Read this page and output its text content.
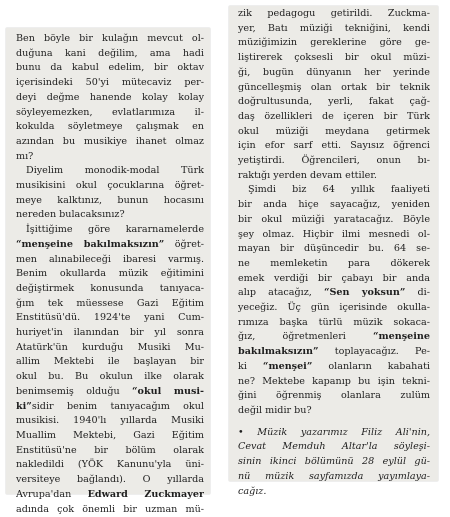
Ben böyle bir kulağın mevcut ol-
duğuna kani değilim, ama hadi
bunu da kabul edelim, bir oktav
içerisindeki 50'yi mütecaviz per-
deyi değme hanende kolay kolay
söyleyemezken, evlatlarımıza il-
kokulda söyletmeye çalışmak en
azından bu musikiye ihanet olmaz
mı?
Diyelim monodik-modal Türk
musikisini okul çocuklarına öğret-
meye kalktınız, bunun hocasını
nereden bulacaksınız?
İşittiğime göre kararnamelerde
“menşeine bakılmaksızın” öğret-
men alınabileceği ibaresi varmış.
Benim okullarda müzik eğitimini
değiştirmek konusunda tanıyaca-
ğım tek müessese Gazi Eğitim
Enstitüsü'dü. 1924'te yani Cum-
huriyet'in ilanından bir yıl sonra
Atatürk'ün kurduğu Musiki Mu-
allim Mektebi ile başlayan bir
okul bu. Bu okulun ilke olarak
benimsemiş olduğu “okul musi-
ki”sidir benim tanıyacağım okul
musikisi. 1940'lı yıllarda Musiki
Muallim Mektebi, Gazi Eğitim
Enstitüsü'ne bir bölüm olarak
nakledildi (YÖK Kanunu'yla üni-
versiteye bağlandı). O yıllarda
Avrupa'dan Edward Zuckmayer
adında çok önemli bir uzman mü-
zik pedagogu getirildi. Zuckma-
yer, Batı müziği tekniğini, kendi
müziğimizin gereklerine göre ge-
liştirerek çoksesli bir okul müzi-
ği, bugün dünyanın her yerinde
güncelleşmiş olan ortak bir teknik
doğrultusunda, yerli, fakat çağ-
daş özellikleri de içeren bir Türk
okul müziği meydana getirmek
için efor sarf etti. Sayısız öğrenci
yetiştirdi. Öğrencileri, onun bı-
raktığı yerden devam ettiler.
Şimdi biz 64 yıllık faaliyeti
bir anda hiçe sayacağız, yeniden
bir okul müziği yaratacağız. Böyle
şey olmaz. Hiçbir ilmi mesnedi ol-
mayan bir düşüncedir bu. 64 se-
ne memleketin para dökerek
emek verdiği bir çabayı bir anda
alıp atacağız, “Sen yoksun” di-
yeceğiz. Üç gün içerisinde okulla-
rımıza başka türlü müzik sokaca-
ğız, öğretmenleri “menşeine
bakılmaksızın” toplayacağız. Pe-
ki “menşei” olanların kabahati
ne? Mektebe kapanıp bu işin tekni-
ğini öğrenmiş olanlara zulüm
değil midir bu?
• Müzik yazarımız Filiz Ali'nin,
Cevat Memduh Altar'la söyleşi-
sinin ikinci bölümünü 28 eylül gü-
nü müzik sayfamızda yayımlaya-
cağız.
